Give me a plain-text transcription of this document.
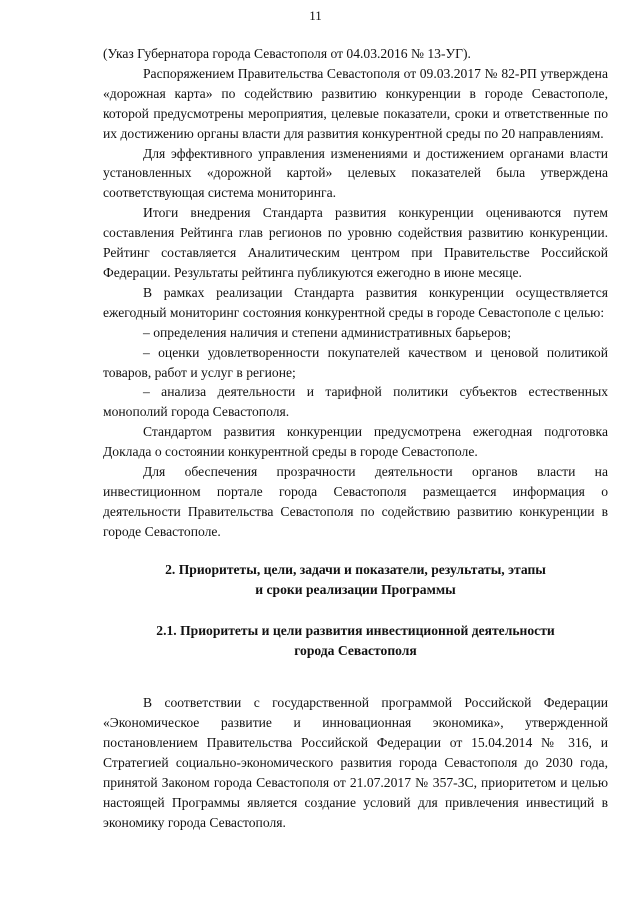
11

(Указ Губернатора города Севастополя от 04.03.2016 № 13-УГ).

Распоряжением Правительства Севастополя от 09.03.2017 № 82-РП утверждена «дорожная карта» по содействию развитию конкуренции в городе Севастополе, которой предусмотрены мероприятия, целевые показатели, сроки и ответственные по их достижению органы власти для развития конкурентной среды по 20 направлениям.

Для эффективного управления изменениями и достижением органами власти установленных «дорожной картой» целевых показателей была утверждена соответствующая система мониторинга.

Итоги внедрения Стандарта развития конкуренции оцениваются путем составления Рейтинга глав регионов по уровню содействия развитию конкуренции. Рейтинг составляется Аналитическим центром при Правительстве Российской Федерации. Результаты рейтинга публикуются ежегодно в июне месяце.

В рамках реализации Стандарта развития конкуренции осуществляется ежегодный мониторинг состояния конкурентной среды в городе Севастополе с целью:

– определения наличия и степени административных барьеров;

– оценки удовлетворенности покупателей качеством и ценовой политикой товаров, работ и услуг в регионе;

– анализа деятельности и тарифной политики субъектов естественных монополий города Севастополя.

Стандартом развития конкуренции предусмотрена ежегодная подготовка Доклада о состоянии конкурентной среды в городе Севастополе.

Для обеспечения прозрачности деятельности органов власти на инвестиционном портале города Севастополя размещается информация о деятельности Правительства Севастополя по содействию развитию конкуренции в городе Севастополе.

2. Приоритеты, цели, задачи и показатели, результаты, этапы
и сроки реализации Программы
2.1. Приоритеты и цели развития инвестиционной деятельности
города Севастополя

В соответствии с государственной программой Российской Федерации «Экономическое развитие и инновационная экономика», утвержденной постановлением Правительства Российской Федерации от 15.04.2014 № 316, и Стратегией социально-экономического развития города Севастополя до 2030 года, принятой Законом города Севастополя от 21.07.2017 № 357-ЗС, приоритетом и целью настоящей Программы является создание условий для привлечения инвестиций в экономику города Севастополя.
